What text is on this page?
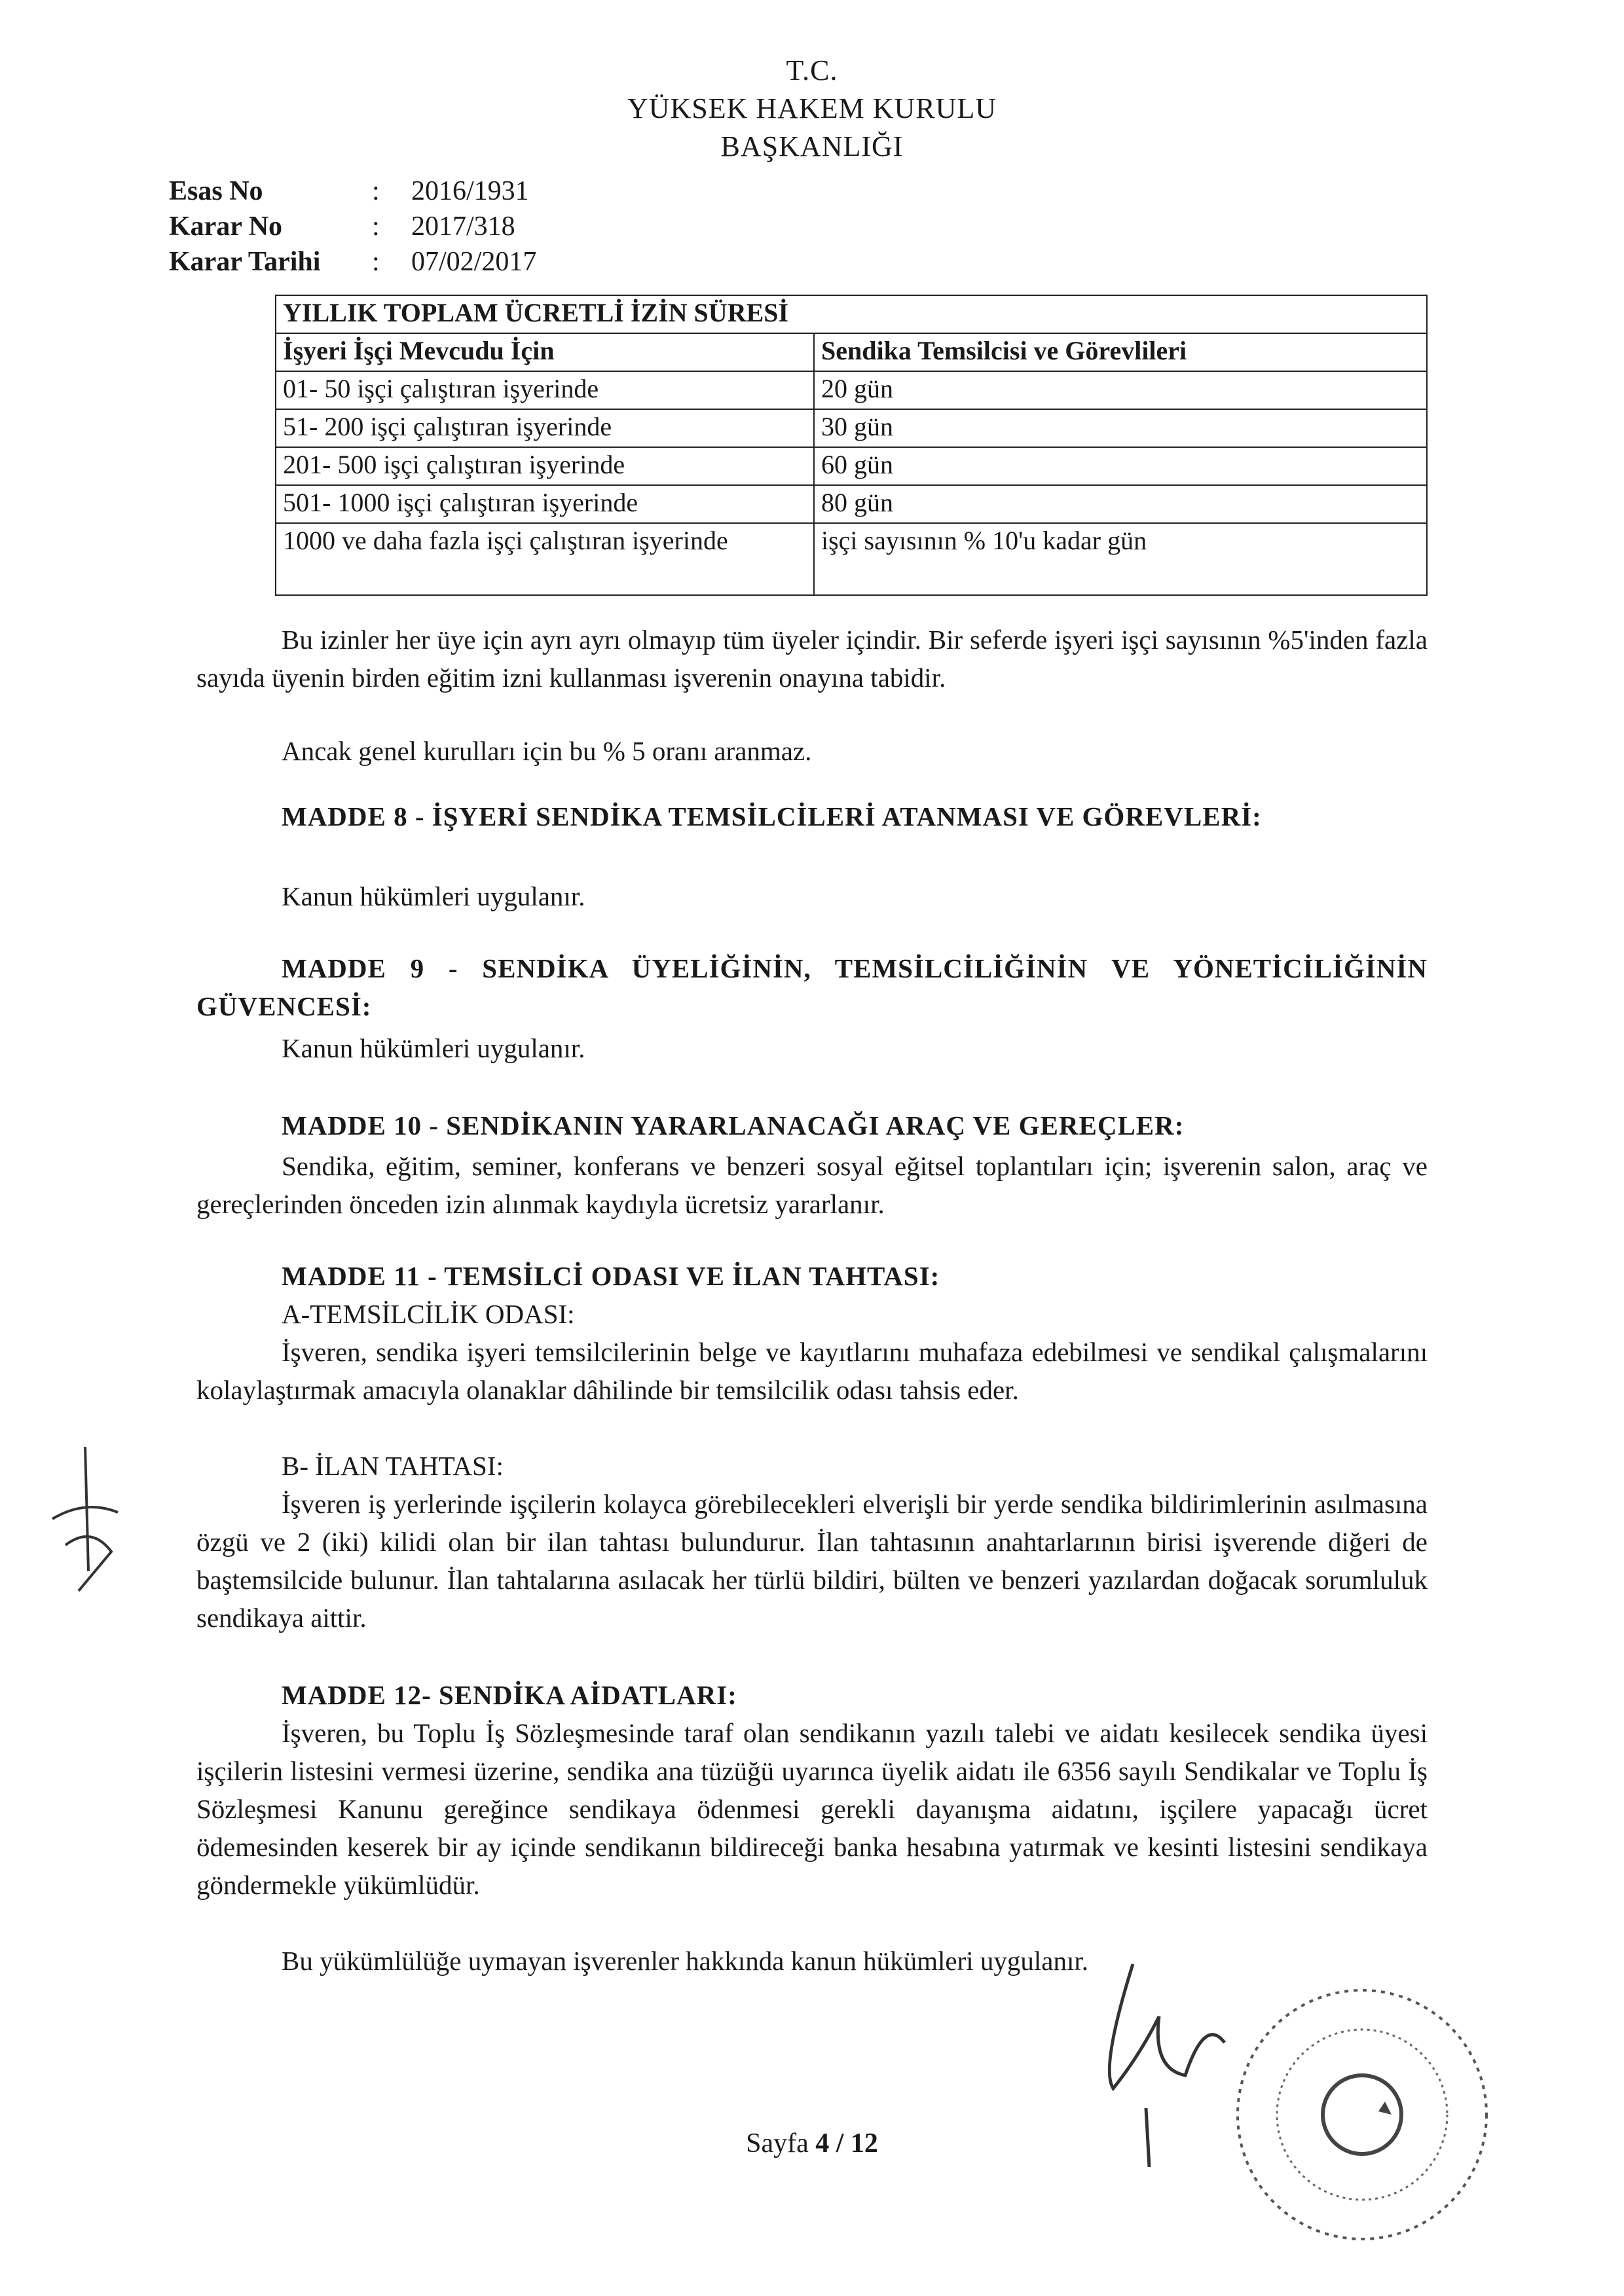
T.C.
YÜKSEK HAKEM KURULU
BAŞKANLIĞI
Esas No	: 2016/1931
Karar No	: 2017/318
Karar Tarihi : 07/02/2017
YILLIK TOPLAM ÜCRETLİ İZİN SÜRESİ	
İşyeri İşçi Mevcudu İçin	Sendika Temsilcisi ve Görevlileri
01- 50 işçi çalıştıran işyerinde	20 gün
51- 200 işçi çalıştıran işyerinde	30 gün
201- 500 işçi çalıştıran işyerinde	60 gün
501- 1000 işçi çalıştıran işyerinde	80 gün
1000 ve daha fazla işçi çalıştıran işyerinde	işçi sayısının % 10'u kadar gün
Bu izinler her üye için ayrı ayrı olmayıp tüm üyeler içindir. Bir seferde işyeri işçi sayısının %5'inden fazla sayıda üyenin birden eğitim izni kullanması işverenin onayına tabidir.
Ancak genel kurulları için bu % 5 oranı aranmaz.
MADDE 8 - İŞYERİ SENDİKA TEMSİLCİLERİ ATANMASI VE GÖREVLERİ:
Kanun hükümleri uygulanır.
MADDE 9 - SENDİKA ÜYELİĞİNİN, TEMSİLCİLİĞİNİN VE YÖNETİCİLİĞİNİN GÜVENCESİ:
Kanun hükümleri uygulanır.
MADDE 10 - SENDİKANIN YARARLANACAĞI ARAÇ VE GEREÇLER:
Sendika, eğitim, seminer, konferans ve benzeri sosyal eğitsel toplantıları için; işverenin salon, araç ve gereçlerinden önceden izin alınmak kaydıyla ücretsiz yararlanır.
MADDE 11 - TEMSİLCİ ODASI VE İLAN TAHTASI:
A-TEMSİLCİLİK ODASI:
İşveren, sendika işyeri temsilcilerinin belge ve kayıtlarını muhafaza edebilmesi ve sendikal çalışmalarını kolaylaştırmak amacıyla olanaklar dâhilinde bir temsilcilik odası tahsis eder.
B- İLAN TAHTASI:
İşveren iş yerlerinde işçilerin kolayca görebilecekleri elverişli bir yerde sendika bildirimlerinin asılmasına özgü ve 2 (iki) kilidi olan bir ilan tahtası bulundurur. İlan tahtasının anahtarlarının birisi işverende diğeri de baştemsilcide bulunur. İlan tahtalarına asılacak her türlü bildiri, bülten ve benzeri yazılardan doğacak sorumluluk sendikaya aittir.
MADDE 12- SENDİKA AİDATLARI:
İşveren, bu Toplu İş Sözleşmesinde taraf olan sendikanın yazılı talebi ve aidatı kesilecek sendika üyesi işçilerin listesini vermesi üzerine, sendika ana tüzüğü uyarınca üyelik aidatı ile 6356 sayılı Sendikalar ve Toplu İş Sözleşmesi Kanunu gereğince sendikaya ödenmesi gerekli dayanışma aidatını, işçilere yapacağı ücret ödemesinden keserek bir ay içinde sendikanın bildireceği banka hesabına yatırmak ve kesinti listesini sendikaya göndermekle yükümlüdür.
Bu yükümlülüğe uymayan işverenler hakkında kanun hükümleri uygulanır.
Sayfa 4 / 12
